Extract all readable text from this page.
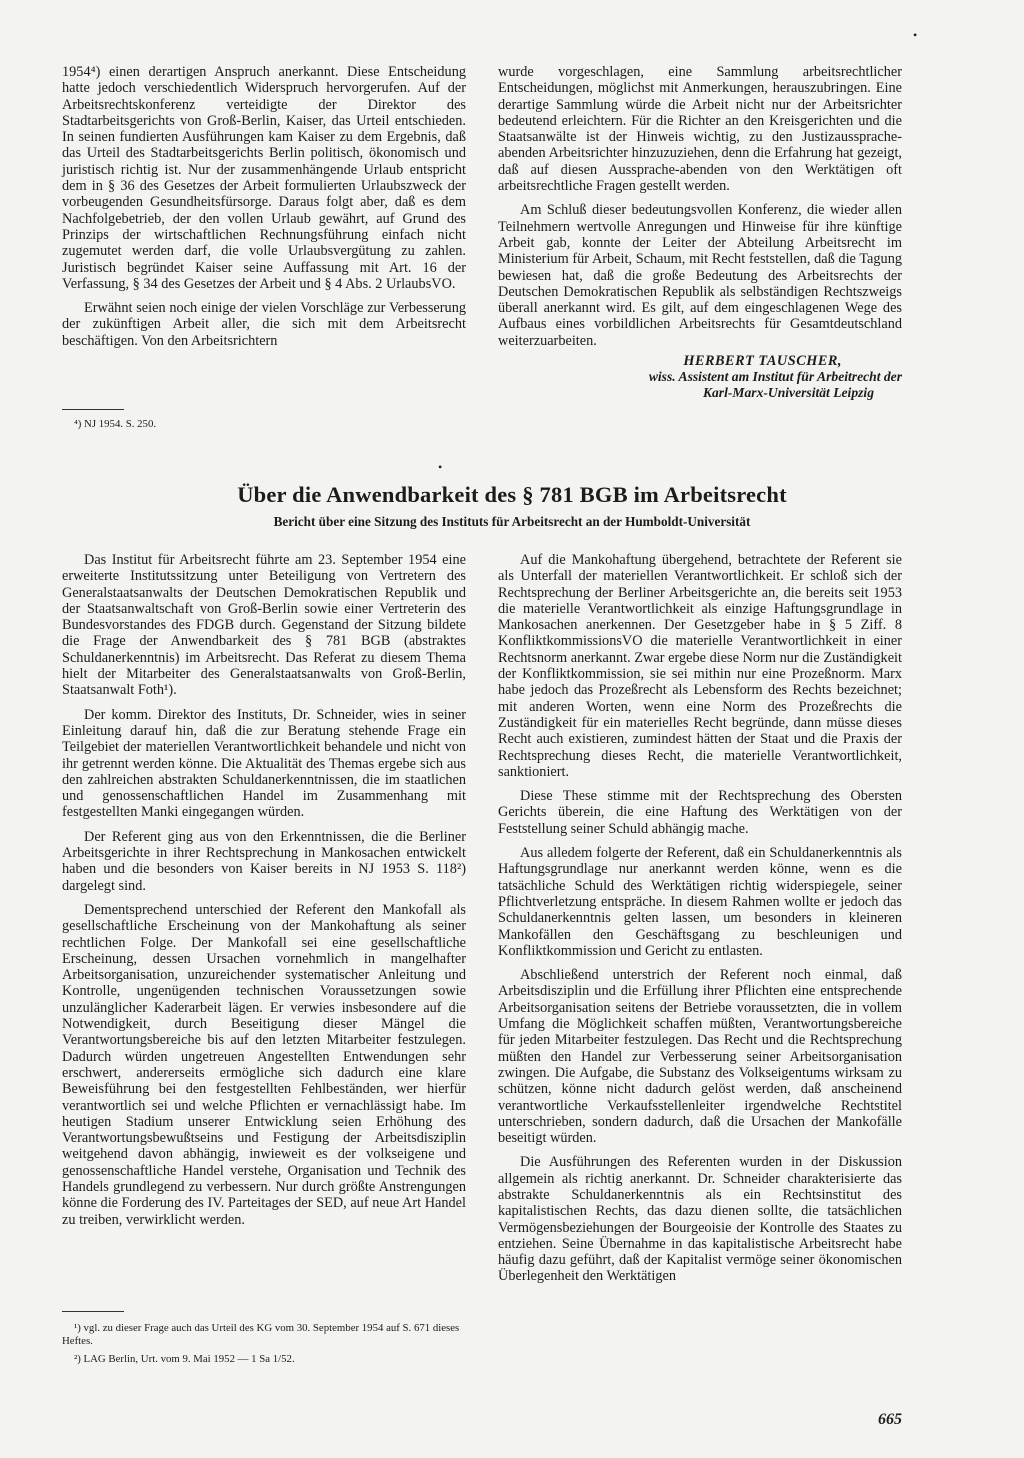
•

1954⁴) einen derartigen Anspruch anerkannt. Diese Entscheidung hatte jedoch verschiedentlich Widerspruch hervorgerufen. Auf der Arbeitsrechtskonferenz verteidigte der Direktor des Stadtarbeitsgerichts von Groß-Berlin, Kaiser, das Urteil entschieden. In seinen fundierten Ausführungen kam Kaiser zu dem Ergebnis, daß das Urteil des Stadtarbeitsgerichts Berlin politisch, ökonomisch und juristisch richtig ist. Nur der zusammenhängende Urlaub entspricht dem in § 36 des Gesetzes der Arbeit formulierten Urlaubszweck der vorbeugenden Gesundheitsfürsorge. Daraus folgt aber, daß es dem Nachfolgebetrieb, der den vollen Urlaub gewährt, auf Grund des Prinzips der wirtschaftlichen Rechnungsführung einfach nicht zugemutet werden darf, die volle Urlaubsvergütung zu zahlen. Juristisch begründet Kaiser seine Auffassung mit Art. 16 der Verfassung, § 34 des Gesetzes der Arbeit und § 4 Abs. 2 UrlaubsVO.

Erwähnt seien noch einige der vielen Vorschläge zur Verbesserung der zukünftigen Arbeit aller, die sich mit dem Arbeitsrecht beschäftigen. Von den Arbeitsrichtern

⁴) NJ 1954. S. 250.

wurde vorgeschlagen, eine Sammlung arbeitsrechtlicher Entscheidungen, möglichst mit Anmerkungen, herauszubringen. Eine derartige Sammlung würde die Arbeit nicht nur der Arbeitsrichter bedeutend erleichtern. Für die Richter an den Kreisgerichten und die Staatsanwälte ist der Hinweis wichtig, zu den Justizaussprache-abenden Arbeitsrichter hinzuzuziehen, denn die Erfahrung hat gezeigt, daß auf diesen Aussprache-abenden von den Werktätigen oft arbeitsrechtliche Fragen gestellt werden.

Am Schluß dieser bedeutungsvollen Konferenz, die wieder allen Teilnehmern wertvolle Anregungen und Hinweise für ihre künftige Arbeit gab, konnte der Leiter der Abteilung Arbeitsrecht im Ministerium für Arbeit, Schaum, mit Recht feststellen, daß die Tagung bewiesen hat, daß die große Bedeutung des Arbeitsrechts der Deutschen Demokratischen Republik als selbständigen Rechtszweigs überall anerkannt wird. Es gilt, auf dem eingeschlagenen Wege des Aufbaus eines vorbildlichen Arbeitsrechts für Gesamtdeutschland weiterzuarbeiten.

HERBERT TAUSCHER,
wiss. Assistent am Institut für Arbeitrecht der
Karl-Marx-Universität Leipzig
•
Über die Anwendbarkeit des § 781 BGB im Arbeitsrecht
Bericht über eine Sitzung des Instituts für Arbeitsrecht an der Humboldt-Universität

Das Institut für Arbeitsrecht führte am 23. September 1954 eine erweiterte Institutssitzung unter Beteiligung von Vertretern des Generalstaatsanwalts der Deutschen Demokratischen Republik und der Staatsanwaltschaft von Groß-Berlin sowie einer Vertreterin des Bundesvorstandes des FDGB durch. Gegenstand der Sitzung bildete die Frage der Anwendbarkeit des § 781 BGB (abstraktes Schuldanerkenntnis) im Arbeitsrecht. Das Referat zu diesem Thema hielt der Mitarbeiter des Generalstaatsanwalts von Groß-Berlin, Staatsanwalt Foth¹).

Der komm. Direktor des Instituts, Dr. Schneider, wies in seiner Einleitung darauf hin, daß die zur Beratung stehende Frage ein Teilgebiet der materiellen Verantwortlichkeit behandele und nicht von ihr getrennt werden könne. Die Aktualität des Themas ergebe sich aus den zahlreichen abstrakten Schuldanerkenntnissen, die im staatlichen und genossenschaftlichen Handel im Zusammenhang mit festgestellten Manki eingegangen würden.

Der Referent ging aus von den Erkenntnissen, die die Berliner Arbeitsgerichte in ihrer Rechtsprechung in Mankosachen entwickelt haben und die besonders von Kaiser bereits in NJ 1953 S. 118²) dargelegt sind.

Dementsprechend unterschied der Referent den Mankofall als gesellschaftliche Erscheinung von der Mankohaftung als seiner rechtlichen Folge. Der Mankofall sei eine gesellschaftliche Erscheinung, dessen Ursachen vornehmlich in mangelhafter Arbeitsorganisation, unzureichender systematischer Anleitung und Kontrolle, ungenügenden technischen Voraussetzungen sowie unzulänglicher Kaderarbeit lägen. Er verwies insbesondere auf die Notwendigkeit, durch Beseitigung dieser Mängel die Verantwortungsbereiche bis auf den letzten Mitarbeiter festzulegen. Dadurch würden ungetreuen Angestellten Entwendungen sehr erschwert, andererseits ermögliche sich dadurch eine klare Beweisführung bei den festgestellten Fehlbeständen, wer hierfür verantwortlich sei und welche Pflichten er vernachlässigt habe. Im heutigen Stadium unserer Entwicklung seien Erhöhung des Verantwortungsbewußtseins und Festigung der Arbeitsdisziplin weitgehend davon abhängig, inwieweit es der volkseigene und genossenschaftliche Handel verstehe, Organisation und Technik des Handels grundlegend zu verbessern. Nur durch größte Anstrengungen könne die Forderung des IV. Parteitages der SED, auf neue Art Handel zu treiben, verwirklicht werden.

¹) vgl. zu dieser Frage auch das Urteil des KG vom 30. September 1954 auf S. 671 dieses Heftes.

²) LAG Berlin, Urt. vom 9. Mai 1952 — 1 Sa 1/52.

Auf die Mankohaftung übergehend, betrachtete der Referent sie als Unterfall der materiellen Verantwortlichkeit. Er schloß sich der Rechtsprechung der Berliner Arbeitsgerichte an, die bereits seit 1953 die materielle Verantwortlichkeit als einzige Haftungsgrundlage in Mankosachen anerkennen. Der Gesetzgeber habe in § 5 Ziff. 8 KonfliktkommissionsVO die materielle Verantwortlichkeit in einer Rechtsnorm anerkannt. Zwar ergebe diese Norm nur die Zuständigkeit der Konfliktkommission, sie sei mithin nur eine Prozeßnorm. Marx habe jedoch das Prozeßrecht als Lebensform des Rechts bezeichnet; mit anderen Worten, wenn eine Norm des Prozeßrechts die Zuständigkeit für ein materielles Recht begründe, dann müsse dieses Recht auch existieren, zumindest hätten der Staat und die Praxis der Rechtsprechung dieses Recht, die materielle Verantwortlichkeit, sanktioniert.

Diese These stimme mit der Rechtsprechung des Obersten Gerichts überein, die eine Haftung des Werktätigen von der Feststellung seiner Schuld abhängig mache.

Aus alledem folgerte der Referent, daß ein Schuldanerkenntnis als Haftungsgrundlage nur anerkannt werden könne, wenn es die tatsächliche Schuld des Werktätigen richtig widerspiegele, seiner Pflichtverletzung entspräche. In diesem Rahmen wollte er jedoch das Schuldanerkenntnis gelten lassen, um besonders in kleineren Mankofällen den Geschäftsgang zu beschleunigen und Konfliktkommission und Gericht zu entlasten.

Abschließend unterstrich der Referent noch einmal, daß Arbeitsdisziplin und die Erfüllung ihrer Pflichten eine entsprechende Arbeitsorganisation seitens der Betriebe voraussetzten, die in vollem Umfang die Möglichkeit schaffen müßten, Verantwortungsbereiche für jeden Mitarbeiter festzulegen. Das Recht und die Rechtsprechung müßten den Handel zur Verbesserung seiner Arbeitsorganisation zwingen. Die Aufgabe, die Substanz des Volkseigentums wirksam zu schützen, könne nicht dadurch gelöst werden, daß anscheinend verantwortliche Verkaufsstellenleiter irgendwelche Rechtstitel unterschrieben, sondern dadurch, daß die Ursachen der Mankofälle beseitigt würden.

Die Ausführungen des Referenten wurden in der Diskussion allgemein als richtig anerkannt. Dr. Schneider charakterisierte das abstrakte Schuldanerkenntnis als ein Rechtsinstitut des kapitalistischen Rechts, das dazu dienen sollte, die tatsächlichen Vermögensbeziehungen der Bourgeoisie der Kontrolle des Staates zu entziehen. Seine Übernahme in das kapitalistische Arbeitsrecht habe häufig dazu geführt, daß der Kapitalist vermöge seiner ökonomischen Überlegenheit den Werktätigen

665
